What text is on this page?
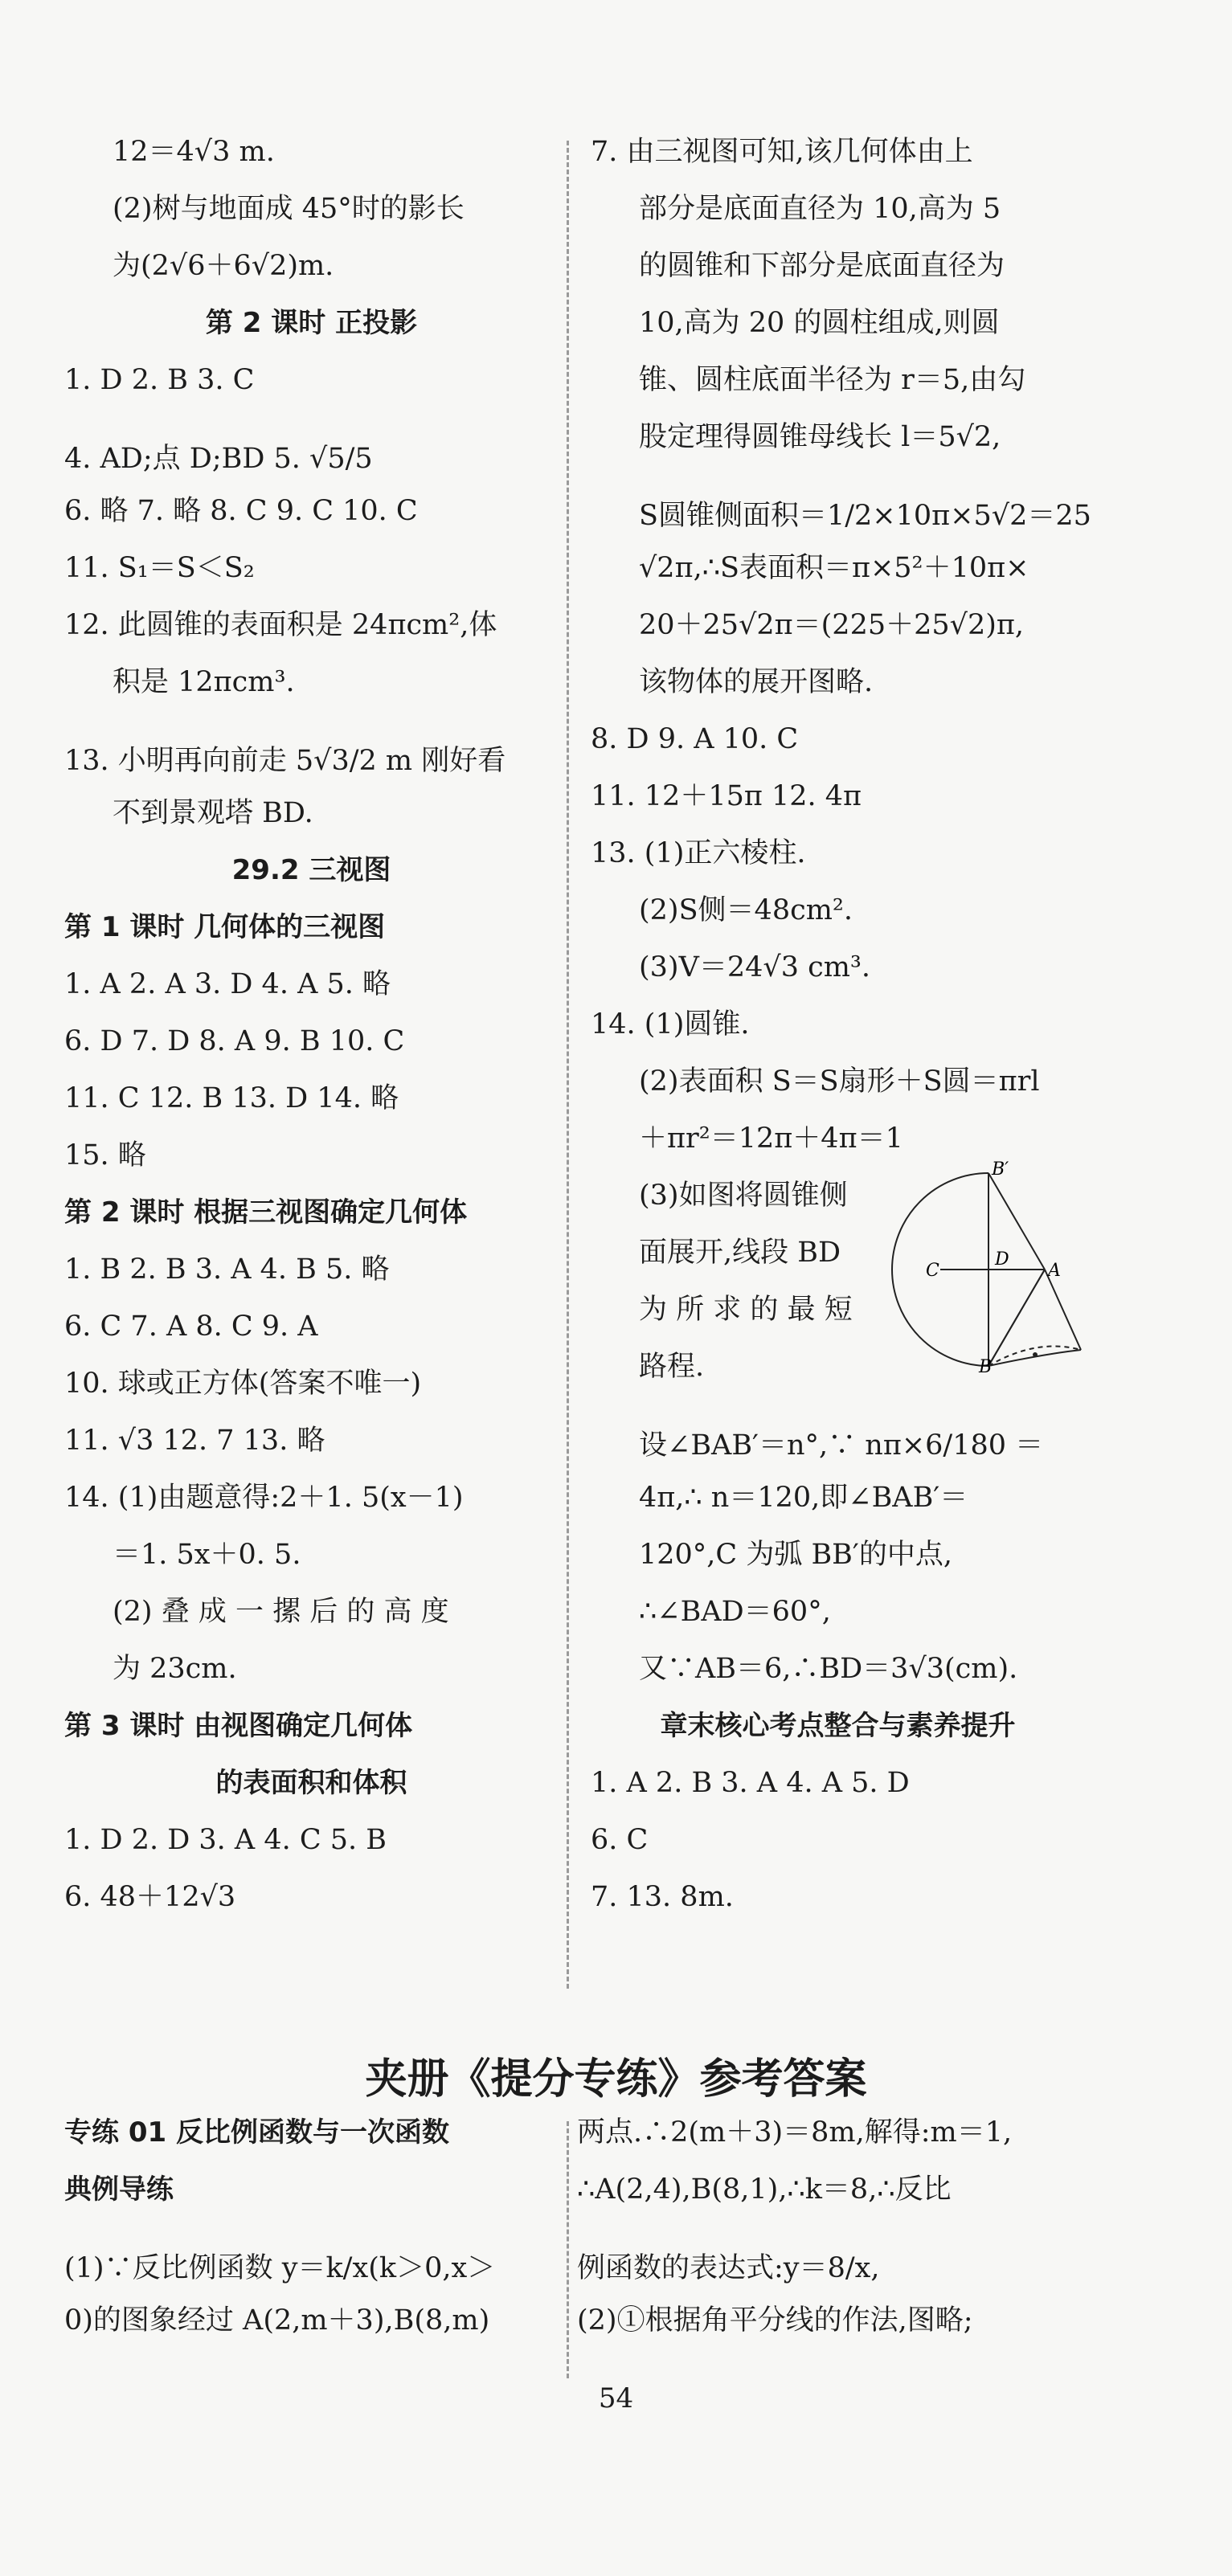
12＝4√3 m.
(2)树与地面成 45°时的影长
为(2√6＋6√2)m.
第 2 课时 正投影
1. D 2. B 3. C
4. AD;点 D;BD 5. √5/5
6. 略 7. 略 8. C 9. C 10. C
11. S₁＝S＜S₂
12. 此圆锥的表面积是 24πcm²,体
积是 12πcm³.
13. 小明再向前走 5√3/2 m 刚好看
不到景观塔 BD.
29.2 三视图
第 1 课时 几何体的三视图
1. A 2. A 3. D 4. A 5. 略
6. D 7. D 8. A 9. B 10. C
11. C 12. B 13. D 14. 略
15. 略
第 2 课时 根据三视图确定几何体
1. B 2. B 3. A 4. B 5. 略
6. C 7. A 8. C 9. A
10. 球或正方体(答案不唯一)
11. √3 12. 7 13. 略
14. (1)由题意得:2＋1. 5(x－1)
＝1. 5x＋0. 5.
(2) 叠 成 一 摞 后 的 高 度
为 23cm.
第 3 课时 由视图确定几何体
的表面积和体积
1. D 2. D 3. A 4. C 5. B
6. 48＋12√3
7. 由三视图可知,该几何体由上
部分是底面直径为 10,高为 5
的圆锥和下部分是底面直径为
10,高为 20 的圆柱组成,则圆
锥、圆柱底面半径为 r＝5,由勾
股定理得圆锥母线长 l＝5√2,
S圆锥侧面积＝1/2×10π×5√2＝25
√2π,∴S表面积＝π×5²＋10π×
20＋25√2π＝(225＋25√2)π,
该物体的展开图略.
8. D 9. A 10. C
11. 12＋15π 12. 4π
13. (1)正六棱柱.
(2)S侧＝48cm².
(3)V＝24√3 cm³.
14. (1)圆锥.
(2)表面积 S＝S扇形＋S圆＝πrl
＋πr²＝12π＋4π＝1
(3)如图将圆锥侧
面展开,线段 BD
为 所 求 的 最 短
路程.
设∠BAB′＝n°,∵ nπ×6/180 ＝
4π,∴ n＝120,即∠BAB′＝
120°,C 为弧 BB′的中点,
∴∠BAD＝60°,
又∵AB＝6,∴BD＝3√3(cm).
章末核心考点整合与素养提升
1. A 2. B 3. A 4. A 5. D
6. C
7. 13. 8m.
B′
C
D
A
B
夹册《提分专练》参考答案
专练 01 反比例函数与一次函数
典例导练
(1)∵反比例函数 y＝k/x(k＞0,x＞
0)的图象经过 A(2,m＋3),B(8,m)
两点.∴2(m＋3)＝8m,解得:m＝1,
∴A(2,4),B(8,1),∴k＝8,∴反比
例函数的表达式:y＝8/x,
(2)①根据角平分线的作法,图略;
54
